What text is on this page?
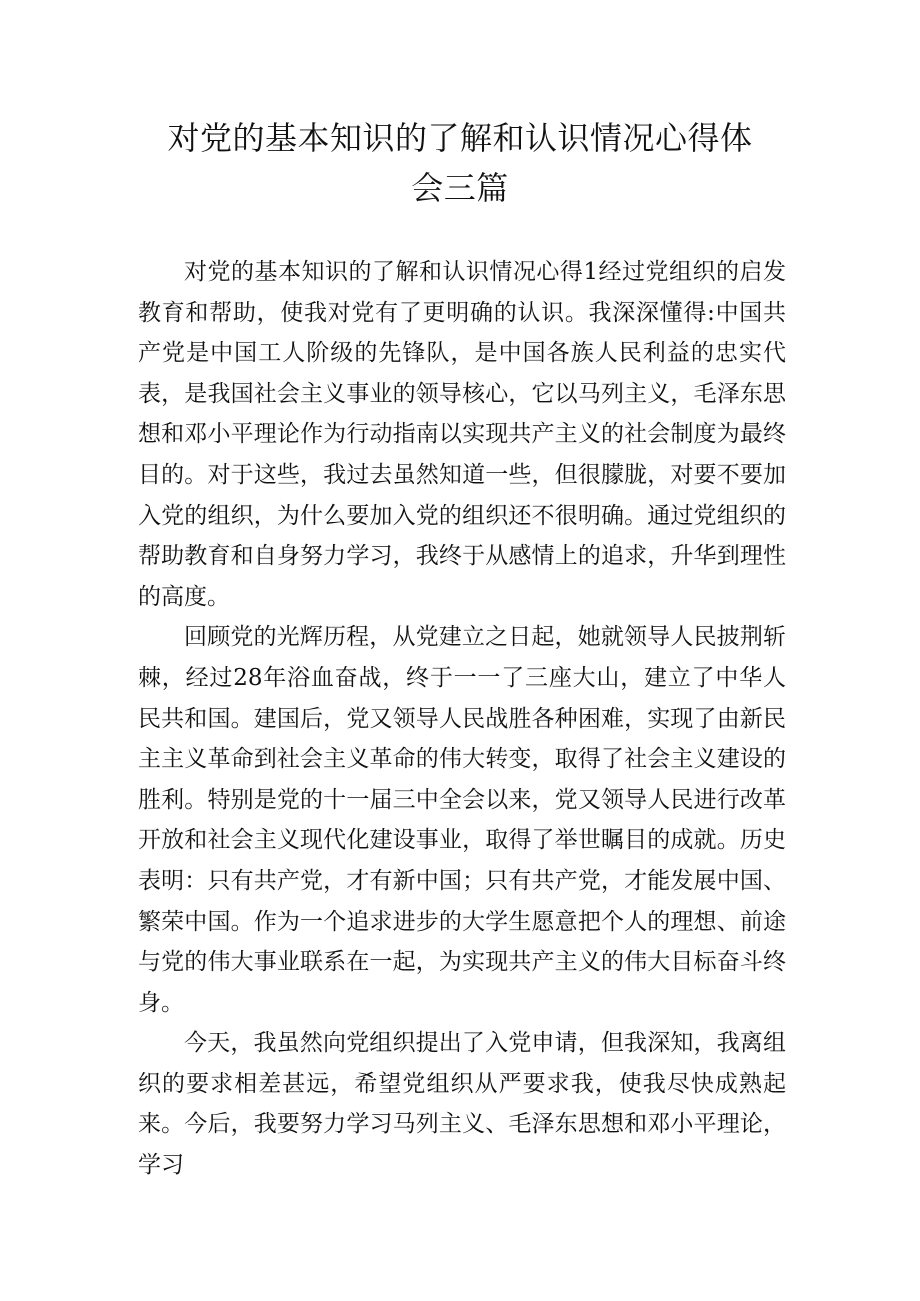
对党的基本知识的了解和认识情况心得体
会三篇

对党的基本知识的了解和认识情况心得1经过党组织的启发教育和帮助，使我对党有了更明确的认识。我深深懂得:中国共产党是中国工人阶级的先锋队，是中国各族人民利益的忠实代表，是我国社会主义事业的领导核心，它以马列主义，毛泽东思想和邓小平理论作为行动指南以实现共产主义的社会制度为最终目的。对于这些，我过去虽然知道一些，但很朦胧，对要不要加入党的组织，为什么要加入党的组织还不很明确。通过党组织的帮助教育和自身努力学习，我终于从感情上的追求，升华到理性的高度。

回顾党的光辉历程，从党建立之日起，她就领导人民披荆斩棘，经过28年浴血奋战，终于一一了三座大山，建立了中华人民共和国。建国后，党又领导人民战胜各种困难，实现了由新民主主义革命到社会主义革命的伟大转变，取得了社会主义建设的胜利。特别是党的十一届三中全会以来，党又领导人民进行改革开放和社会主义现代化建设事业，取得了举世瞩目的成就。历史表明：只有共产党，才有新中国；只有共产党，才能发展中国、繁荣中国。作为一个追求进步的大学生愿意把个人的理想、前途与党的伟大事业联系在一起，为实现共产主义的伟大目标奋斗终身。

今天，我虽然向党组织提出了入党申请，但我深知，我离组织的要求相差甚远，希望党组织从严要求我，使我尽快成熟起来。今后，我要努力学习马列主义、毛泽东思想和邓小平理论，学习
